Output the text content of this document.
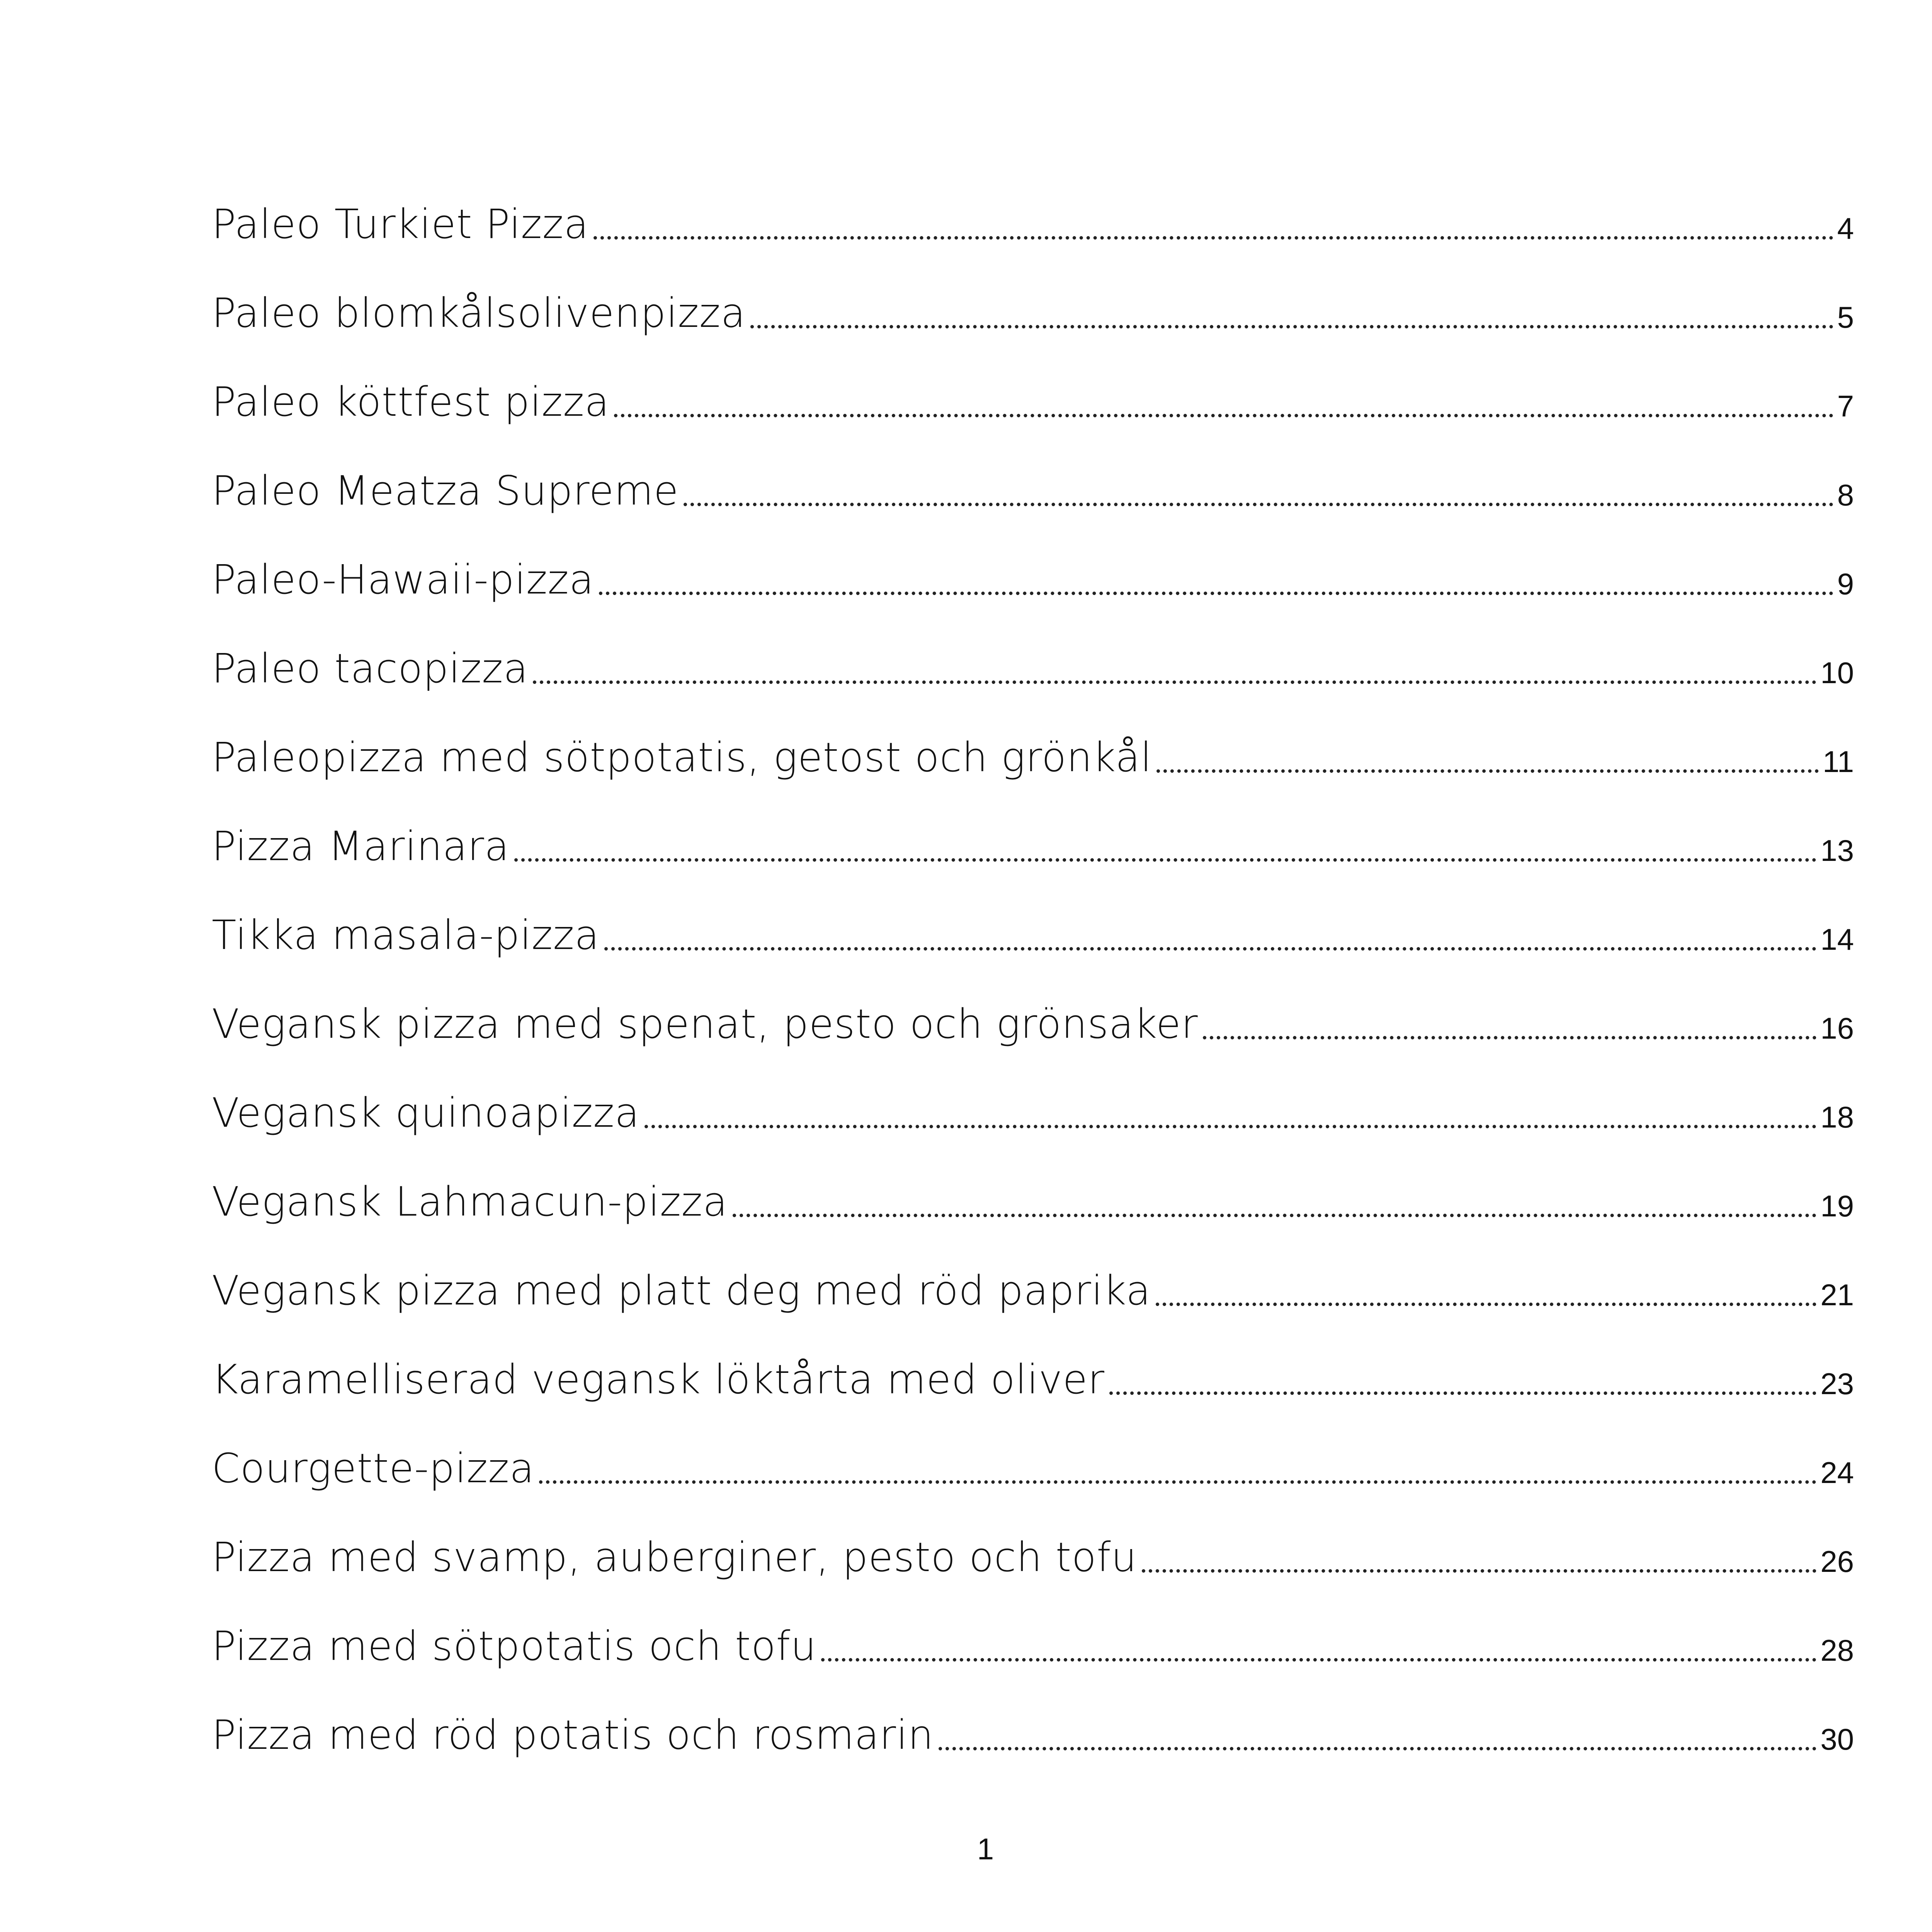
Paleo Turkiet Pizza	4
Paleo blomkålsolivenpizza	5
Paleo köttfest pizza	7
Paleo Meatza Supreme	8
Paleo-Hawaii-pizza	9
Paleo tacopizza	10
Paleopizza med sötpotatis, getost och grönkål	11
Pizza Marinara	13
Tikka masala-pizza	14
Vegansk pizza med spenat, pesto och grönsaker	16
Vegansk quinoapizza	18
Vegansk Lahmacun-pizza	19
Vegansk pizza med platt deg med röd paprika	21
Karamelliserad vegansk löktårta med oliver	23
Courgette-pizza	24
Pizza med svamp, auberginer, pesto och tofu	26
Pizza med sötpotatis och tofu	28
Pizza med röd potatis och rosmarin	30
1
